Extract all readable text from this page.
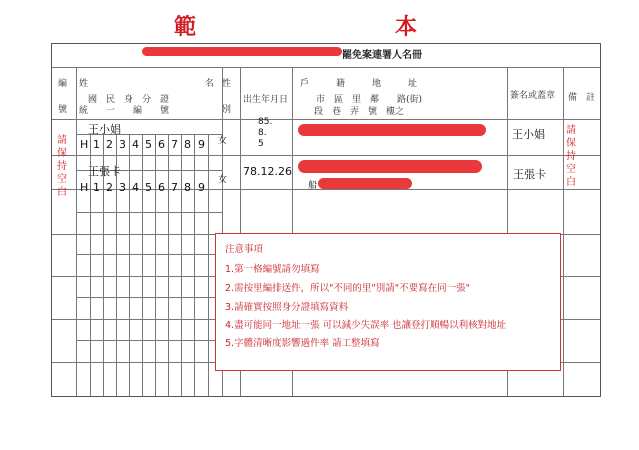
範	本
罷免案連署人名冊
編
號
姓	名
國　民　身　分　證
統　　一　　編　　號
性
別
出生年月日
戶　　　籍　　　地　　　址
市　區　里　鄰　　路(街)
段　巷　弄　號　樓之
簽名或蓋章 備 註
王小娼
H 1 2 3 4 5 6 7 8 9 女
85.
8.
5
王小娼
王張卡
H 1 2 3 4 5 6 7 8 9
女
78.12.26
船
王張卡
請保持空白
請保持空白
注意事項
1.第一格編號請勿填寫
2.需按里編排送件，所以"不同的里"別請"不要寫在同一張"
3.請確實按照身分證填寫資料
4.盡可能同一地址一張 可以減少失誤率 也讓登打順暢以利核對地址
5.字體清晰度影響過件率 請工整填寫
